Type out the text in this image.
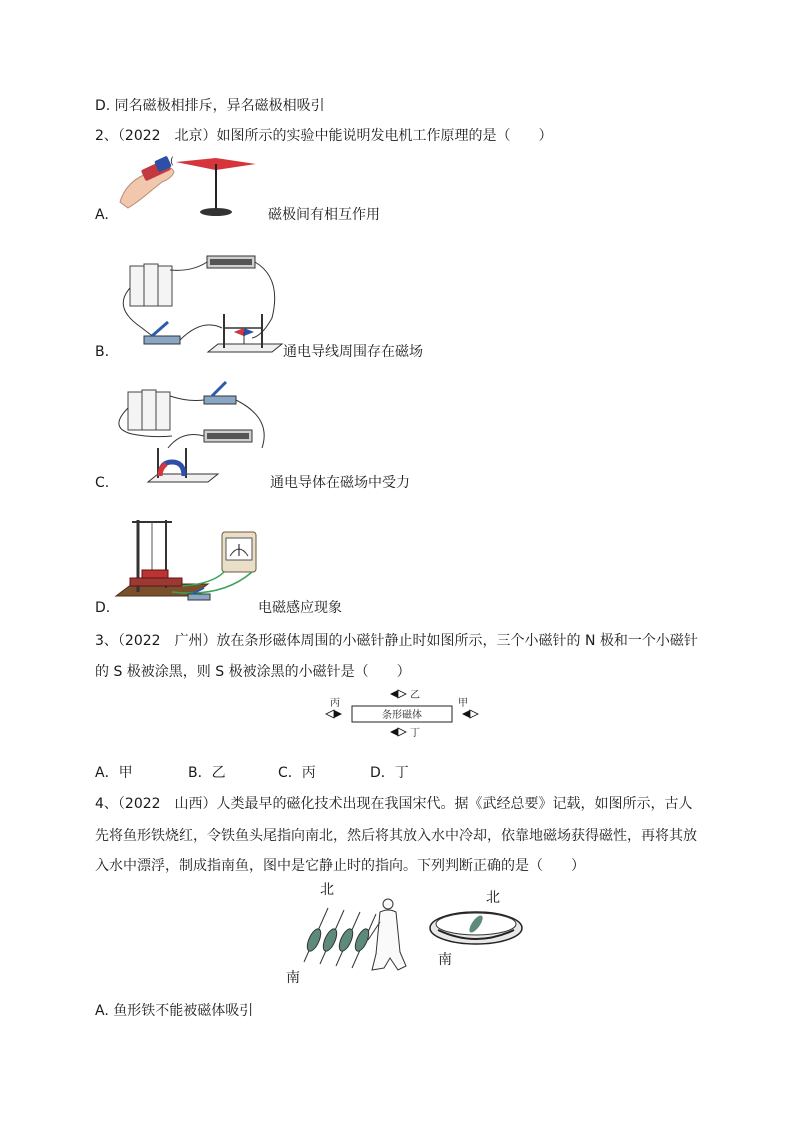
D. 同名磁极相排斥，异名磁极相吸引
2、（2022　北京）如图所示的实验中能说明发电机工作原理的是（　　）
(
A.	磁极间有相互作用
B.	通电导线周围存在磁场
C.	通电导体在磁场中受力
D.	电磁感应现象
3、（2022　广州）放在条形磁体周围的小磁针静止时如图所示，三个小磁针的 N 极和一个小磁针
的 S 极被涂黑，则 S 极被涂黑的小磁针是（　　）
条形磁体
乙
丙	甲
丁
A．甲	B．乙	C．丙	D．丁
4、（2022　山西）人类最早的磁化技术出现在我国宋代。据《武经总要》记载，如图所示，古人
先将鱼形铁烧红，令铁鱼头尾指向南北，然后将其放入水中冷却，依靠地磁场获得磁性，再将其放
入水中漂浮，制成指南鱼，图中是它静止时的指向。下列判断正确的是（　　）
北
南
北
南
A. 鱼形铁不能被磁体吸引
